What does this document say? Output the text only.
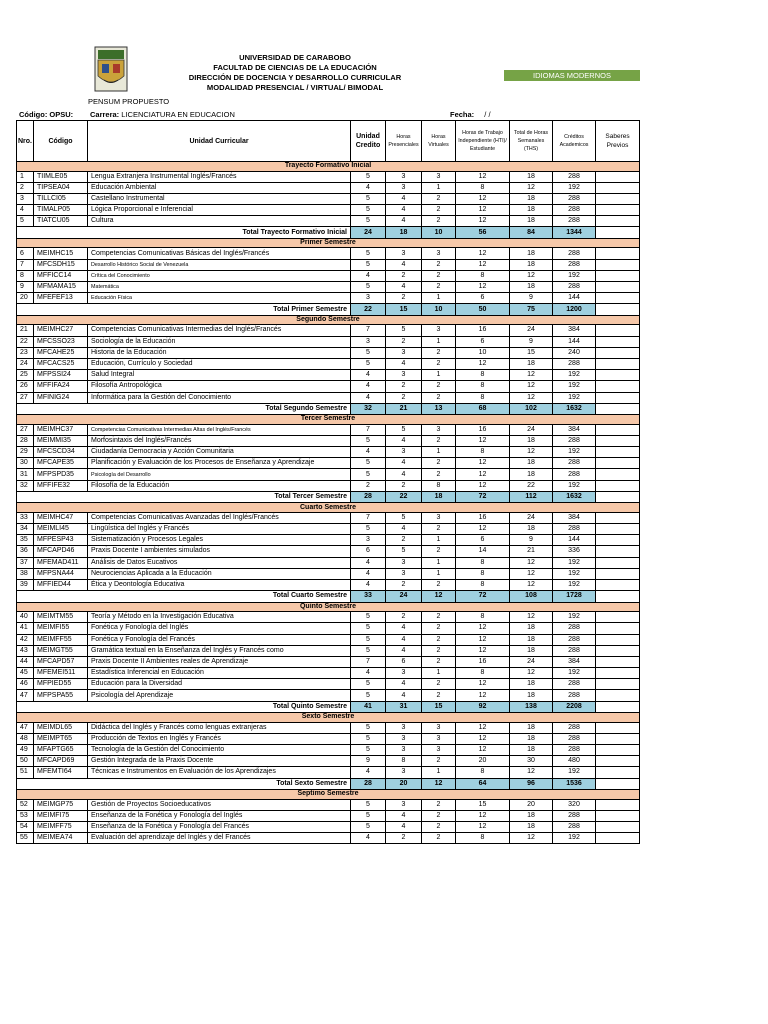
UNIVERSIDAD DE CARABOBO
FACULTAD DE CIENCIAS DE LA EDUCACIÓN
DIRECCIÓN DE DOCENCIA Y DESARROLLO CURRICULAR
MODALIDAD PRESENCIAL / VIRTUAL/ BIMODAL
IDIOMAS MODERNOS
PENSUM PROPUESTO
Código: OPSU: Carrera: LICENCIATURA EN EDUCACION	Fecha: / /
Nro.	Código	Unidad Curricular	Unidad Credito	Horas Presenciales	Horas Virtuales	Horas de Trabajo Independiente (HTI)/ Estudiante	Total de Horas Semanales (THS)	Créditos Academicos	Saberes Previos
Trayecto Formativo Inicial									
1	TIIMLE05	Lengua Extranjera Instrumental Inglés/Francés	5	3	3	12	18	288	
2	TIPSEA04	Educación Ambiental	4	3	1	8	12	192	
3	TILLCI05	Castellano Instrumental	5	4	2	12	18	288	
4	TIMALP05	Lógica Proporcional e Inferencial	5	4	2	12	18	288	
5	TIATCU05	Cultura	5	4	2	12	18	288	
Total Trayecto Formativo Inicial			24	18	10	56	84	1344	
Primer Semestre									
6	MEIMHC15	Competencias Comunicativas Básicas del Inglés/Francés	5	3	3	12	18	288	
7	MFCSDH15	Desarrollo Histórico Social de Venezuela	5	4	2	12	18	288	
8	MFFICC14	Crítica del Conocimiento	4	2	2	8	12	192	
9	MFMAMA15	Matemática	5	4	2	12	18	288	
20	MFEFEF13	Educación Física	3	2	1	6	9	144	
Total Primer Semestre			22	15	10	50	75	1200	
Segundo Semestre									
21	MEIMHC27	Competencias Comunicativas Intermedias del Inglés/Francés	7	5	3	16	24	384	
22	MFCSSO23	Sociología de la Educación	3	2	1	6	9	144	
23	MFCAHE25	Historia de la Educación	5	3	2	10	15	240	
24	MFCACS25	Educación, Currículo y Sociedad	5	4	2	12	18	288	
25	MFPSSI24	Salud Integral	4	3	1	8	12	192	
26	MFFIFA24	Filosofía Antropológica	4	2	2	8	12	192	
27	MFINIG24	Informática para la Gestión del Conocimiento	4	2	2	8	12	192	
Total Segundo Semestre			32	21	13	68	102	1632	
Tercer Semestre									
27	MEIMHC37	Competencias Comunicativas Intermedias Altas del Inglés/Francés	7	5	3	16	24	384	
28	MEIMMI35	Morfosintaxis del Inglés/Francés	5	4	2	12	18	288	
29	MFCSCD34	Ciudadanía Democracia y Acción Comunitaria	4	3	1	8	12	192	
30	MFCAPE35	Planificación y Evaluación de los Procesos de Enseñanza y Aprendizaje	5	4	2	12	18	288	
31	MFPSPD35	Psicología del Desarrollo	5	4	2	12	18	288	
32	MFFIFE32	Filosofía de la Educación	2	2	8	12	22	192	
Total Tercer Semestre			28	22	18	72	112	1632	
Cuarto Semestre									
33	MEIMHC47	Competencias Comunicativas Avanzadas del Inglés/Francés	7	5	3	16	24	384	
34	MEIMLI45	Lingüística del Inglés y Francés	5	4	2	12	18	288	
35	MFPESP43	Sistematización y Procesos Legales	3	2	1	6	9	144	
36	MFCAPD46	Praxis Docente I ambientes simulados	6	5	2	14	21	336	
37	MFEMAD411	Análisis de Datos Eucativos	4	3	1	8	12	192	
38	MFPSNA44	Neurociencias Aplicada a la Educación	4	3	1	8	12	192	
39	MFFIED44	Ética y Deontología Educativa	4	2	2	8	12	192	
Total Cuarto Semestre			33	24	12	72	108	1728	
Quinto Semestre									
40	MEIMTM55	Teoría y Método en la Investigación Educativa	5	2	2	8	12	192	
41	MEIMFI55	Fonética y Fonología del Inglés	5	4	2	12	18	288	
42	MEIMFF55	Fonética y Fonología del Francés	5	4	2	12	18	288	
43	MEIMGT55	Gramática textual en la Enseñanza del Inglés y Francés como	5	4	2	12	18	288	
44	MFCAPD57	Praxis Docente II Ambientes reales de Aprendizaje	7	6	2	16	24	384	
45	MFEMEI511	Estadística Inferencial en Educación	4	3	1	8	12	192	
46	MFPIED55	Educación para la Diversidad	5	4	2	12	18	288	
47	MFPSPA55	Psicología del Aprendizaje	5	4	2	12	18	288	
Total Quinto Semestre			41	31	15	92	138	2208	
Sexto Semestre									
47	MEIMDL65	Didáctica del Inglés y Francés como lenguas extranjeras	5	3	3	12	18	288	
48	MEIMPT65	Producción de Textos en Inglés y Francés	5	3	3	12	18	288	
49	MFAPTG65	Tecnología de la Gestión del Conocimiento	5	3	3	12	18	288	
50	MFCAPD69	Gestión Integrada de la Praxis Docente	9	8	2	20	30	480	
51	MFEMTI64	Técnicas e Instrumentos en Evaluación de los Aprendizajes	4	3	1	8	12	192	
Total Sexto Semestre			28	20	12	64	96	1536	
Septimo Semestre									
52	MEIMGP75	Gestión de Proyectos Socioeducativos	5	3	2	15	20	320	
53	MEIMFI75	Enseñanza de la Fonética y Fonología del Inglés	5	4	2	12	18	288	
54	MEIMFF75	Enseñanza de la Fonética y Fonología del Francés	5	4	2	12	18	288	
55	MEIMEA74	Evaluación del aprendizaje del Inglés y del Francés	4	2	2	8	12	192	
